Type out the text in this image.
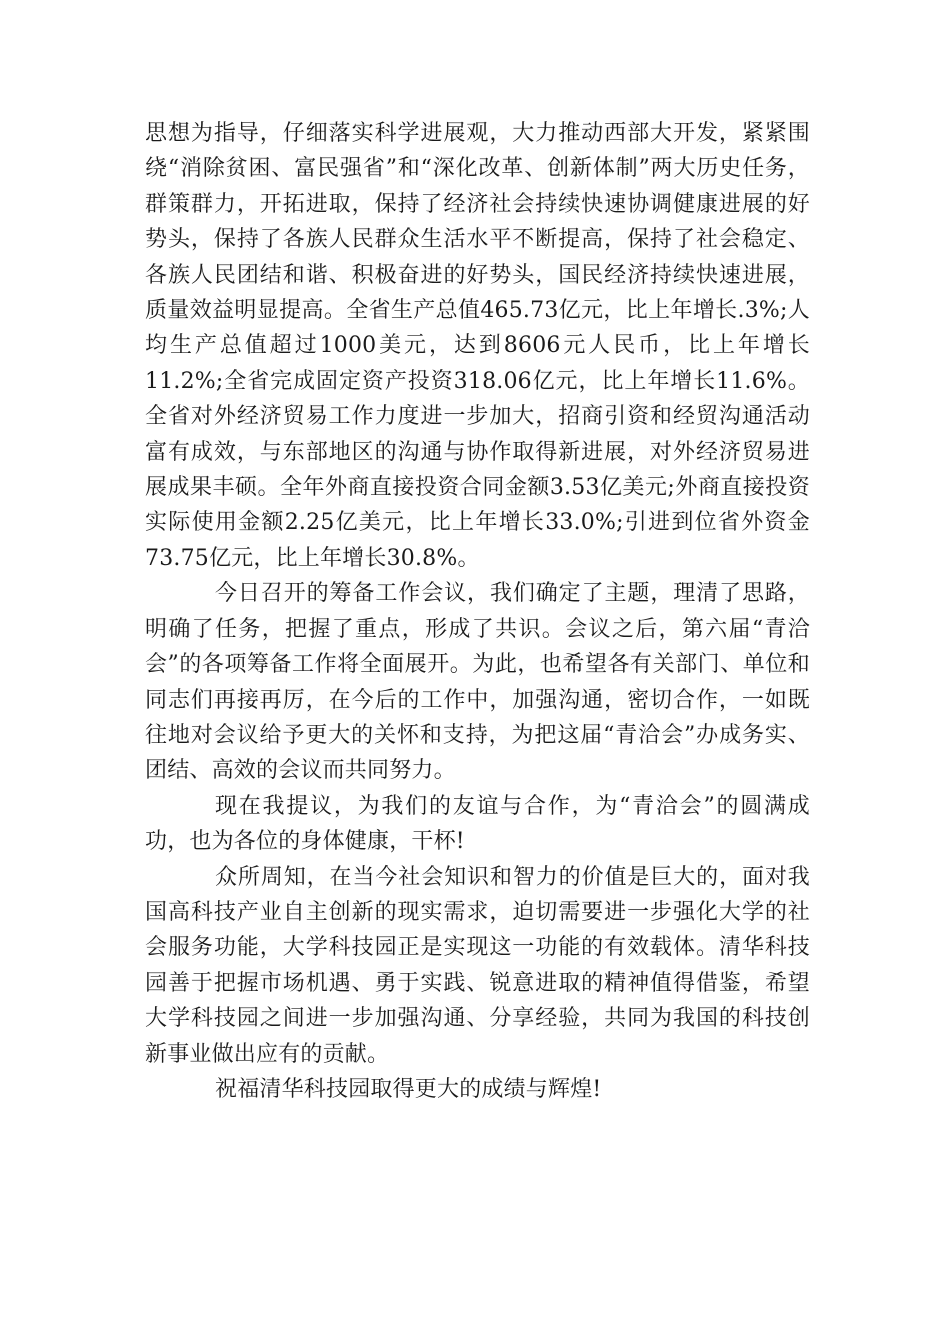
思想为指导，仔细落实科学进展观，大力推动西部大开发，紧紧围绕“消除贫困、富民强省”和“深化改革、创新体制”两大历史任务，群策群力，开拓进取，保持了经济社会持续快速协调健康进展的好势头，保持了各族人民群众生活水平不断提高，保持了社会稳定、各族人民团结和谐、积极奋进的好势头，国民经济持续快速进展，质量效益明显提高。全省生产总值465.73亿元，比上年增长.3%;人均生产总值超过1000美元，达到8606元人民币，比上年增长11.2%;全省完成固定资产投资318.06亿元，比上年增长11.6%。全省对外经济贸易工作力度进一步加大，招商引资和经贸沟通活动富有成效，与东部地区的沟通与协作取得新进展，对外经济贸易进展成果丰硕。全年外商直接投资合同金额3.53亿美元;外商直接投资实际使用金额2.25亿美元，比上年增长33.0%;引进到位省外资金73.75亿元，比上年增长30.8%。

今日召开的筹备工作会议，我们确定了主题，理清了思路，明确了任务，把握了重点，形成了共识。会议之后，第六届“青洽会”的各项筹备工作将全面展开。为此，也希望各有关部门、单位和同志们再接再厉，在今后的工作中，加强沟通，密切合作，一如既往地对会议给予更大的关怀和支持，为把这届“青洽会”办成务实、团结、高效的会议而共同努力。

现在我提议，为我们的友谊与合作，为“青洽会”的圆满成功，也为各位的身体健康，干杯!

众所周知，在当今社会知识和智力的价值是巨大的，面对我国高科技产业自主创新的现实需求，迫切需要进一步强化大学的社会服务功能，大学科技园正是实现这一功能的有效载体。清华科技园善于把握市场机遇、勇于实践、锐意进取的精神值得借鉴，希望大学科技园之间进一步加强沟通、分享经验，共同为我国的科技创新事业做出应有的贡献。

祝福清华科技园取得更大的成绩与辉煌!
